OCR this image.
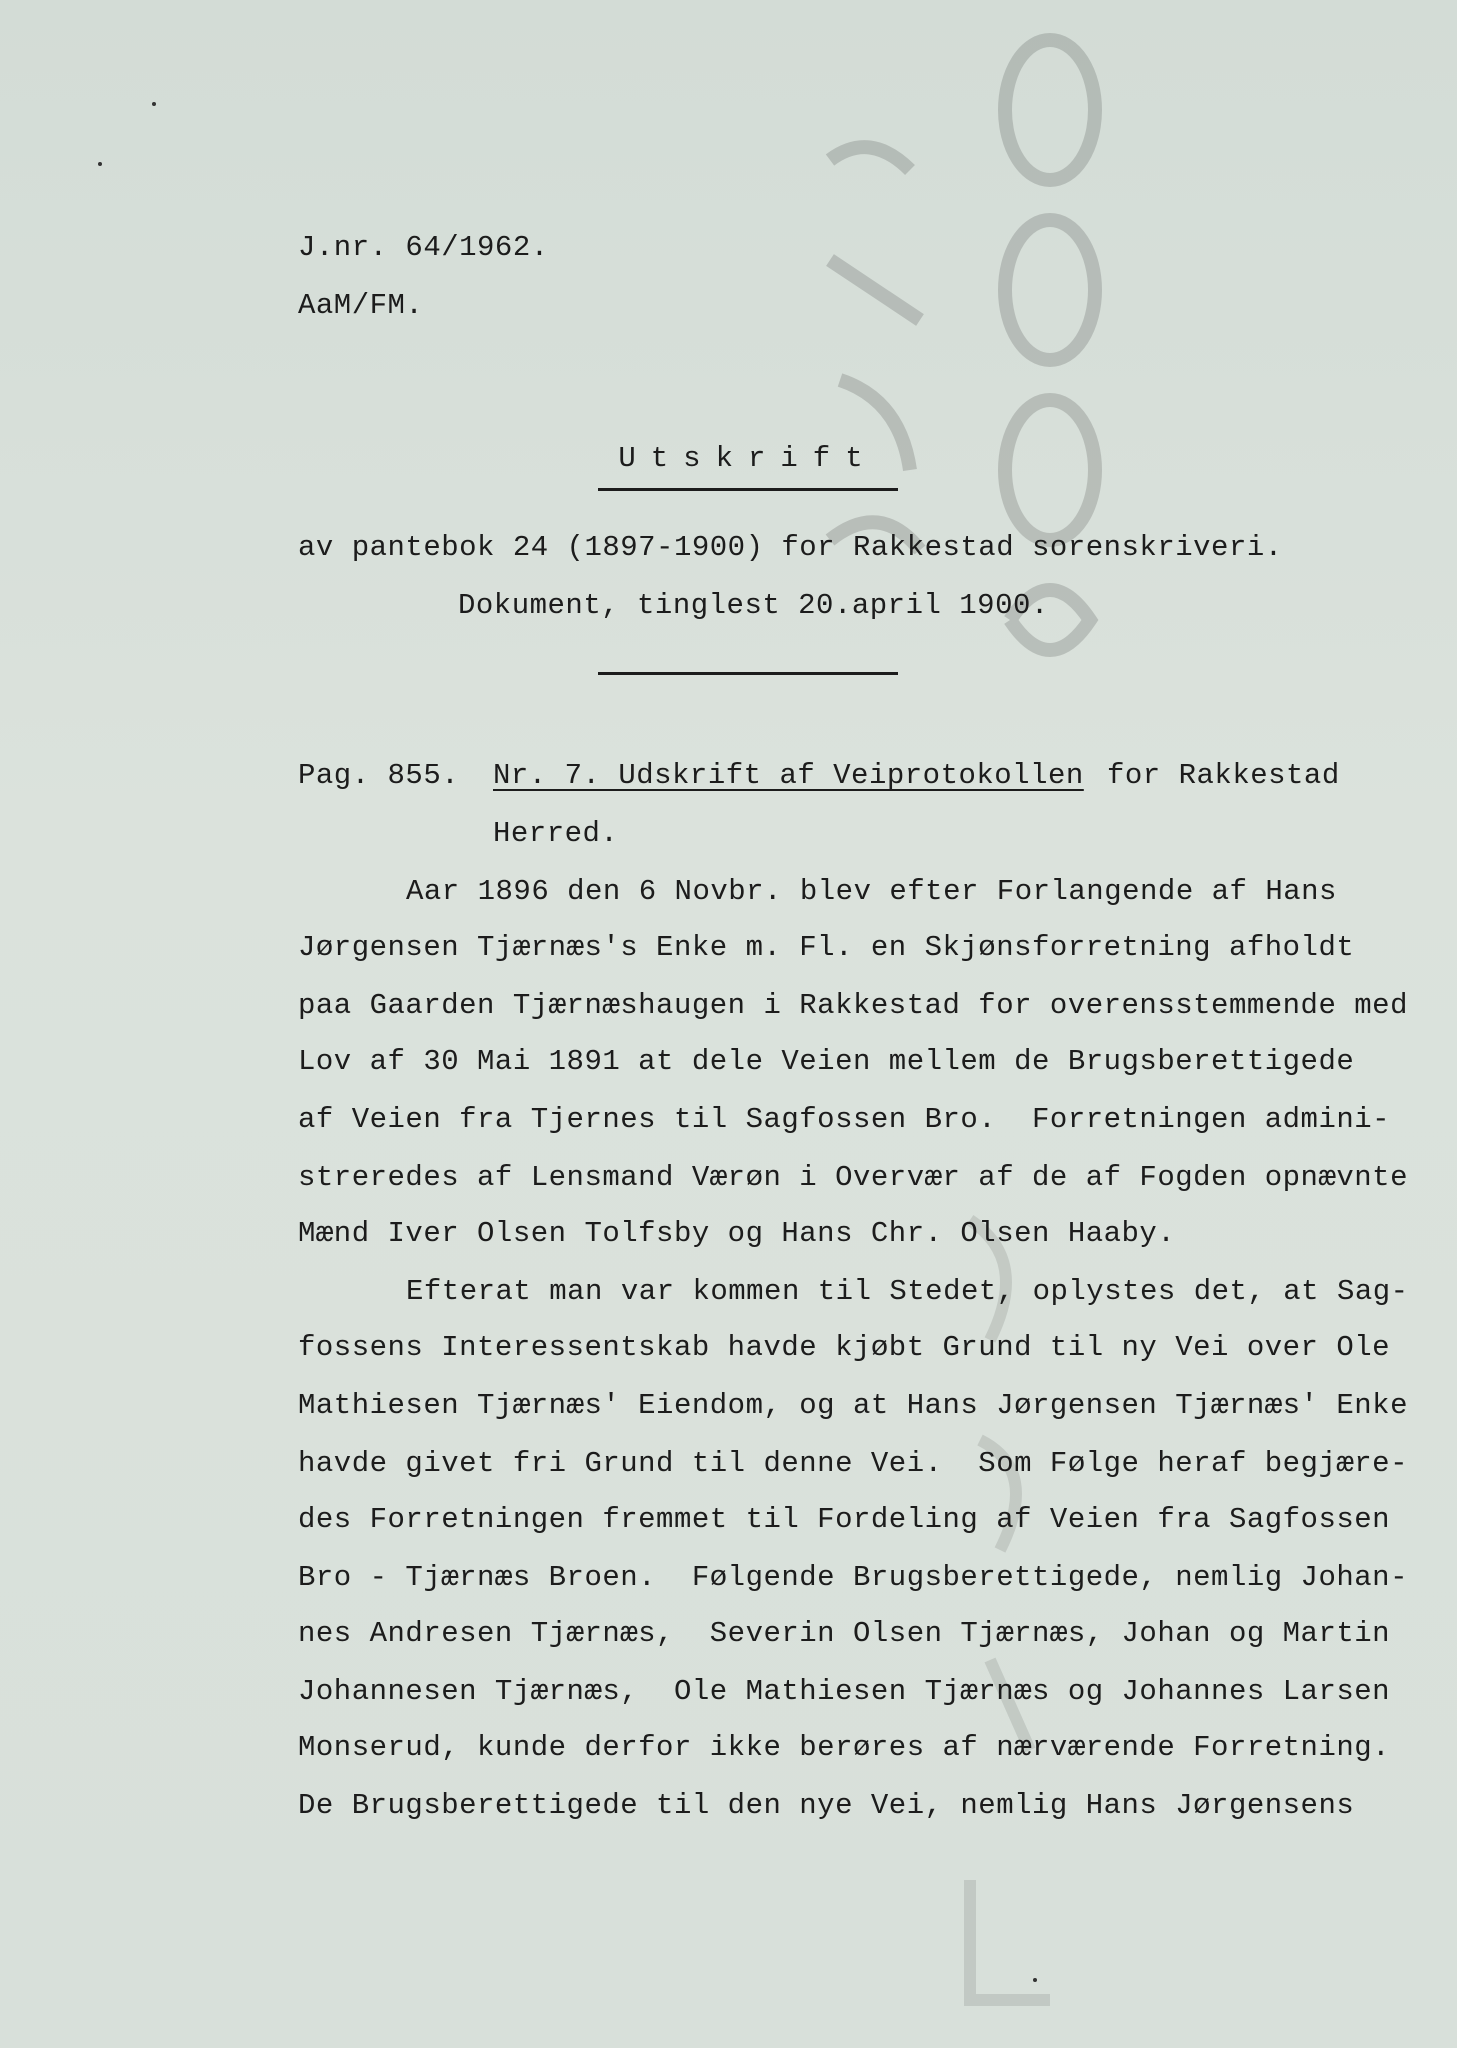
J.nr. 64/1962.
AaM/FM.
Utskrift
av pantebok 24 (1897-1900) for Rakkestad sorenskriveri.
Dokument, tinglest 20.april 1900.
Pag. 855. Nr. 7. Udskrift af Veiprotokollen for Rakkestad
Herred.
Aar 1896 den 6 Novbr. blev efter Forlangende af Hans
Jørgensen Tjærnæs's Enke m. Fl. en Skjønsforretning afholdt
paa Gaarden Tjærnæshaugen i Rakkestad for overensstemmende med
Lov af 30 Mai 1891 at dele Veien mellem de Brugsberettigede
af Veien fra Tjernes til Sagfossen Bro.  Forretningen admini-
streredes af Lensmand Værøn i Overvær af de af Fogden opnævnte
Mænd Iver Olsen Tolfsby og Hans Chr. Olsen Haaby.
Efterat man var kommen til Stedet, oplystes det, at Sag-
fossens Interessentskab havde kjøbt Grund til ny Vei over Ole
Mathiesen Tjærnæs' Eiendom, og at Hans Jørgensen Tjærnæs' Enke
havde givet fri Grund til denne Vei.  Som Følge heraf begjære-
des Forretningen fremmet til Fordeling af Veien fra Sagfossen
Bro - Tjærnæs Broen.  Følgende Brugsberettigede, nemlig Johan-
nes Andresen Tjærnæs,  Severin Olsen Tjærnæs, Johan og Martin
Johannesen Tjærnæs,  Ole Mathiesen Tjærnæs og Johannes Larsen
Monserud, kunde derfor ikke berøres af nærværende Forretning.
De Brugsberettigede til den nye Vei, nemlig Hans Jørgensens
